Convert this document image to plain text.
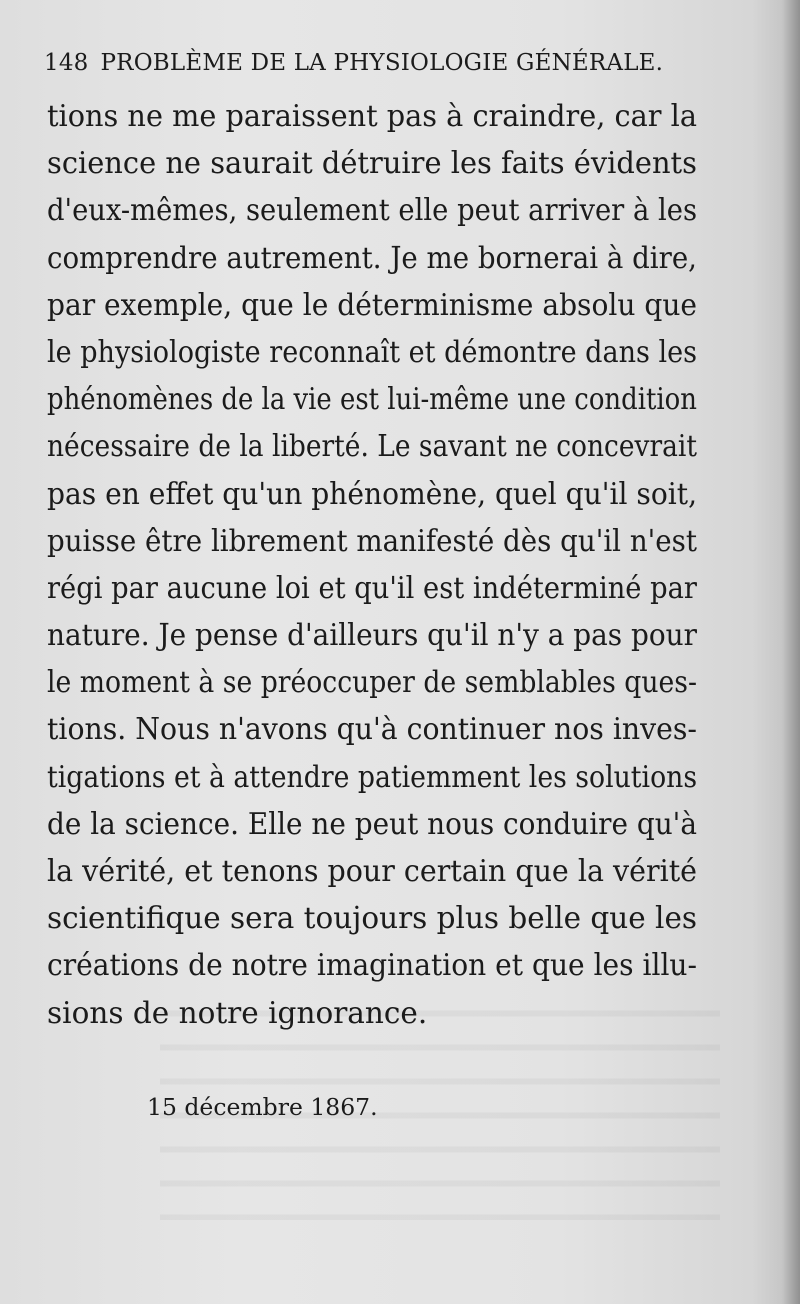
148 PROBLÈME DE LA PHYSIOLOGIE GÉNÉRALE.
tions ne me paraissent pas à craindre, car la
science ne saurait détruire les faits évidents
d'eux-mêmes, seulement elle peut arriver à les
comprendre autrement. Je me bornerai à dire,
par exemple, que le déterminisme absolu que
le physiologiste reconnaît et démontre dans les
phénomènes de la vie est lui-même une condition
nécessaire de la liberté. Le savant ne concevrait
pas en effet qu'un phénomène, quel qu'il soit,
puisse être librement manifesté dès qu'il n'est
régi par aucune loi et qu'il est indéterminé par
nature. Je pense d'ailleurs qu'il n'y a pas pour
le moment à se préoccuper de semblables ques-
tions. Nous n'avons qu'à continuer nos inves-
tigations et à attendre patiemment les solutions
de la science. Elle ne peut nous conduire qu'à
la vérité, et tenons pour certain que la vérité
scientifique sera toujours plus belle que les
créations de notre imagination et que les illu-
sions de notre ignorance.
15 décembre 1867.
